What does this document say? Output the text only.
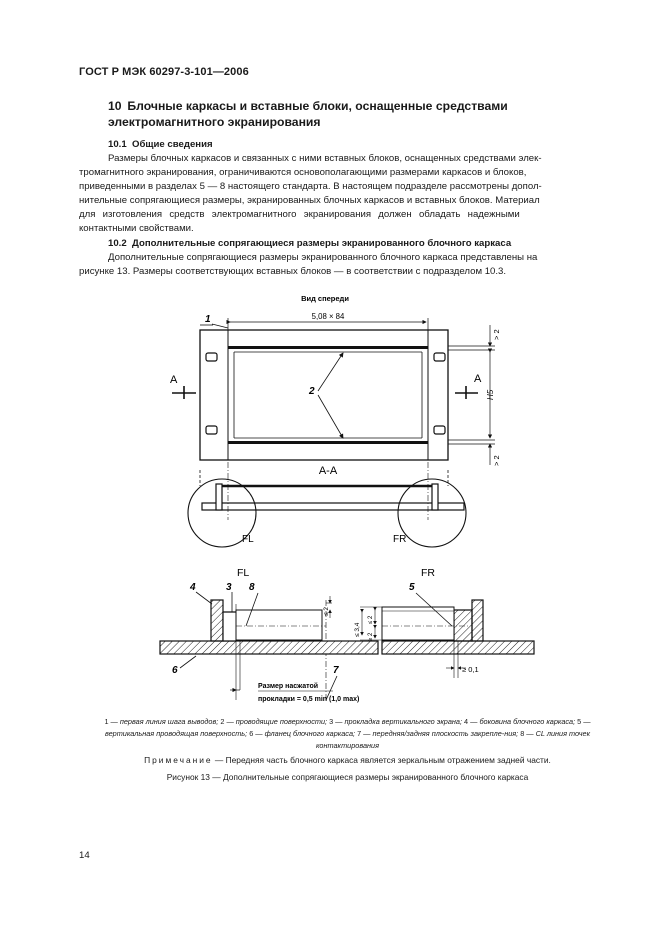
ГОСТ Р МЭК 60297-3-101—2006
10 Блочные каркасы и вставные блоки, оснащенные средствами электромагнитного экранирования
10.1 Общие сведения
Размеры блочных каркасов и связанных с ними вставных блоков, оснащенных средствами элек-
тромагнитного экранирования, ограничиваются основополагающими размерами каркасов и блоков,
приведенными в разделах 5 — 8 настоящего стандарта. В настоящем подразделе рассмотрены допол-
нительные сопрягающиеся размеры, экранированных блочных каркасов и вставных блоков. Материал
для изготовления средств электромагнитного экранирования должен обладать надежными
контактными свойствами.
10.2 Дополнительные сопрягающиеся размеры экранированного блочного каркаса
Дополнительные сопрягающиеся размеры экранированного блочного каркаса представлены на
рисунке 13. Размеры соответствующих вставных блоков — в соответствии с подразделом 10.3.
Вид спереди
5,08 × 84
1
2
A	A
> 2
H5
> 2
A-A
FL	FR
FL	FR
4	3 8
6
≤ 2
7
Размер насжатой
прокладки = 0,5 min (1,0 max)
5
≤ 3,4
≤ 2
≥ 2
≥ 0,1
1 — первая линия шага выводов; 2 — проводящие поверхности; 3 — прокладка вертикального экрана; 4 — боковина блочного каркаса; 5 — вертикальная проводящая поверхность; 6 — фланец блочного каркаса; 7 — передняя/задняя плоскость закрепле-ния; 8 — CL линия точек контактирования
Примечание — Передняя часть блочного каркаса является зеркальным отражением задней части.
Рисунок 13 — Дополнительные сопрягающиеся размеры экранированного блочного каркаса
14
